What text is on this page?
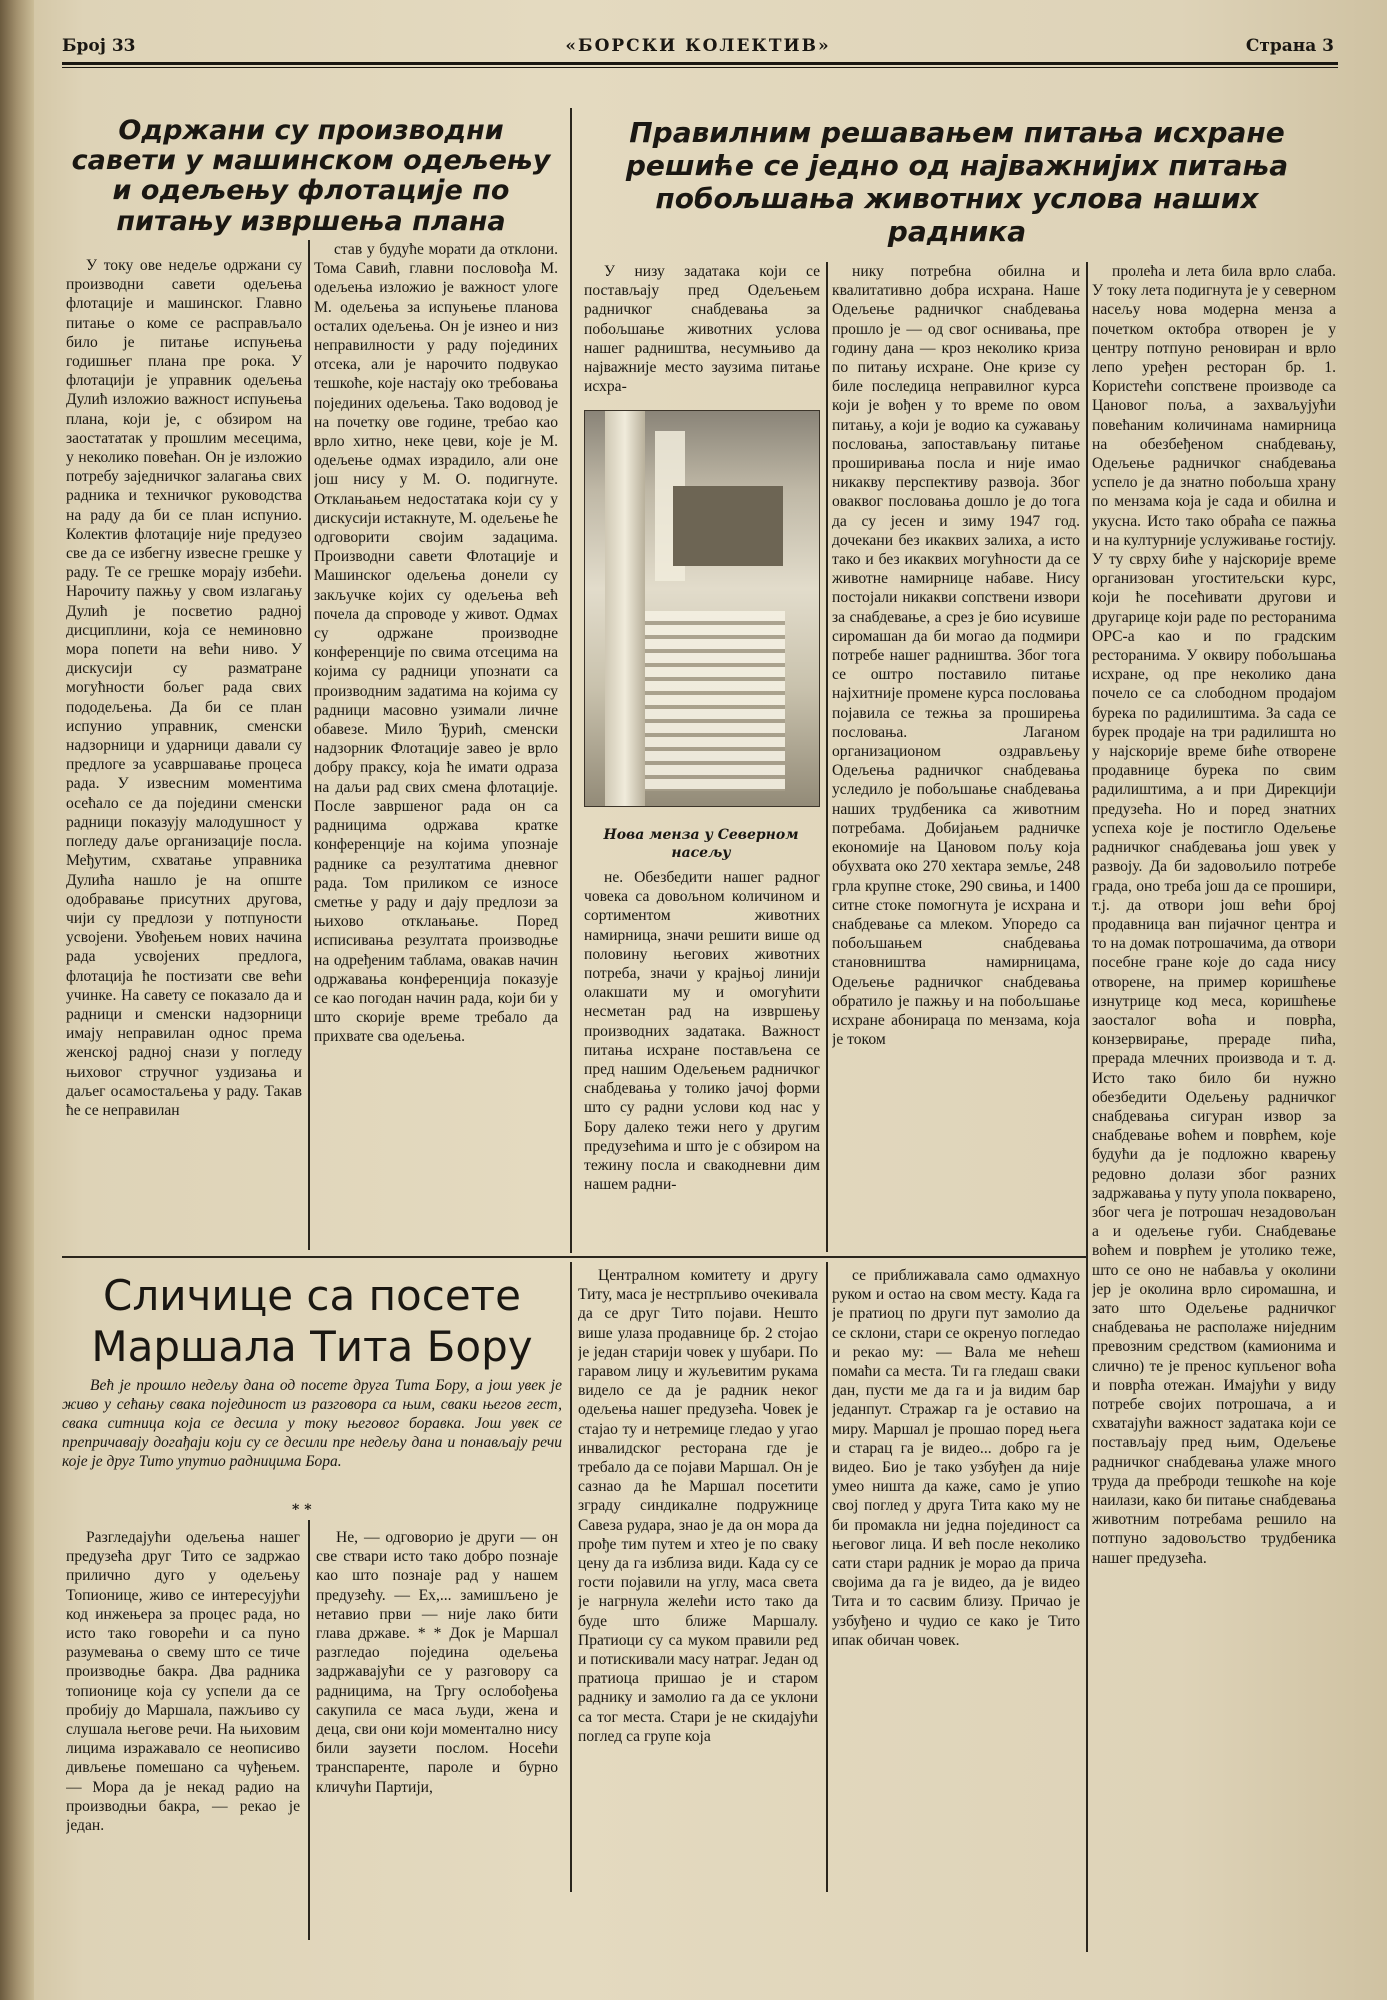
Број 33	«БОРСКИ КОЛЕКТИВ»	Страна 3
Одржани су производни савети у машинском одељењу и одељењу флотације по питању извршења плана

У току ове недеље одржани су производни савети одељења флотације и машинског. Главно питање о коме се расправљало било је питање испуњења годишњег плана пре рока. У флотацији је управник одељења Дулић изложио важност испуњења плана, који је, с обзиром на заостататак у прошлим месецима, у неколико повећан. Он је изложио потребу заједничког залагања свих радника и техничког руководства на раду да би се план испунио. Колектив флотације није предузео све да се избегну извесне грешке у раду. Те се грешке морају избећи. Нарочиту пажњу у свом излагању Дулић је посветио радној дисциплини, која се неминовно мора попети на већи ниво. У дискусији су разматране могућности бољег рада свих пододељења. Да би се план испунио управник, сменски надзорници и ударници давали су предлоге за усавршавање процеса рада. У извесним моментима осећало се да поједини сменски радници показују малодушност у погледу даље организације посла. Међутим, схватање управника Дулића нашло је на опште одобравање присутних другова, чији су предлози у потпуности усвојени. Увођењем нових начина рада усвојених предлога, флотација ће постизати све већи учинке. На савету се показало да и радници и сменски надзорници имају неправилан однос према женској радној снази у погледу њиховог стручног уздизања и даљег осамостаљења у раду. Такав ће се неправилан

став у будуће морати да отклони. Тома Савић, главни пословођа М. одељења изложио је важност улоге М. одељења за испуњење планова осталих одељења. Он је изнео и низ неправилности у раду појединих отсека, али је нарочито подвукао тешкоће, које настају око требовања појединих одељења. Тако водовод је на почетку ове године, требао као врло хитно, неке цеви, које је М. одељење одмах израдило, али оне још нису у М. О. подигнуте. Отклањањем недостатака који су у дискусији истакнуте, М. одељење ће одговорити својим задацима. Производни савети Флотације и Машинског одељења донели су закључке којих су одељења већ почела да спроводе у живот. Одмах су одржане производне конференције по свима отсецима на којима су радници упознати са производним задатима на којима су радници масовно узимали личне обавезе. Мило Ђурић, сменски надзорник Флотације завео је врло добру праксу, која ће имати одраза на даљи рад свих смена флотације. После завршеног рада он са радницима одржава кратке конференције на којима упознаје раднике са резултатима дневног рада. Том приликом се износе сметње у раду и дају предлози за њихово отклањање. Поред исписивања резултата производње на одређеним таблама, овакав начин одржавања конференција показује се као погодан начин рада, који би у што скорије време требало да прихвате сва одељења.

Правилним решавањем питања исхране решиће се једно од најважнијих питања побољшања животних услова наших радника

У низу задатака који се постављају пред Одељењем радничког снабдевања за побољшање животних услова нашег радништва, несумњиво да најважније место заузима питање исхра-

Нова менза у Северном насељу

не. Обезбедити нашег радног човека са довољном количином и сортиментом животних намирница, значи решити више од половину његових животних потреба, значи у крајњој линији олакшати му и омогућити несметан рад на извршењу производних задатака. Важност питања исхране постављена се пред нашим Одељењем радничког снабдевања у толико јачој форми што су радни услови код нас у Бору далеко тежи него у другим предузећима и што је с обзиром на тежину посла и свакодневни дим нашем радни-

нику потребна обилна и квалитативно добра исхрана. Наше Одељење радничког снабдевања прошло је — од свог оснивања, пре годину дана — кроз неколико криза по питању исхране. Оне кризе су биле последица неправилног курса који је вођен у то време по овом питању, а који је водио ка сужавању пословања, запостављању питање проширивања посла и није имао никакву перспективу развоја. Због оваквог пословања дошло је до тога да су јесен и зиму 1947 год. дочекани без икаквих залиха, а исто тако и без икаквих могућности да се животне намирнице набаве. Нису постојали никакви сопствени извори за снабдевање, а срез је био исувише сиромашан да би могао да подмири потребе нашег радништва. Због тога се оштро поставило питање најхитније промене курса пословања појавила се тежња за проширења пословања. Лаганом организационом оздрављењу Одељења радничког снабдевања уследило је побољшање снабдевања наших трудбеника са животним потребама. Добијањем радничке економије на Цановом пољу која обухвата око 270 хектара земље, 248 грла крупне стоке, 290 свиња, и 1400 ситне стоке помогнута је исхрана и снабдевање са млеком. Упоредо са побољшањем снабдевања становништва намирницама, Одељење радничког снабдевања обратило је пажњу и на побољшање исхране абонираца по мензама, која је током

пролећа и лета била врло слаба. У току лета подигнута је у северном насељу нова модерна менза а почетком октобра отворен је у центру потпуно реновиран и врло лепо уређен ресторан бр. 1. Користећи сопствене производе са Цановог поља, а захваљујући повећаним количинама намирница на обезбеђеном снабдевању, Одељење радничког снабдевања успело је да знатно побољша храну по мензама која је сада и обилна и укусна. Исто тако обраћа се пажња и на културније услуживање гостију. У ту сврху биће у најскорије време организован угоститељски курс, који ће посећивати другови и другарице који раде по ресторанима ОРС-а као и по градским ресторанима. У оквиру побољшања исхране, од пре неколико дана почело се са слободном продајом бурека по радилиштима. За сада се бурек продаје на три радилишта но у најскорије време биће отворене продавнице бурека по свим радилиштима, а и при Дирекцији предузећа. Но и поред знатних успеха које је постигло Одељење радничког снабдевања још увек у развоју. Да би задовољило потребе града, оно треба још да се прошири, т.ј. да отвори још већи број продавница ван пијачног центра и то на домак потрошачима, да отвори посебне гране које до сада нису отворене, на пример коришћење изнутрице код меса, коришћење заосталог воћа и поврћа, конзервирање, прераде пића, прерада млечних производа и т. д. Исто тако било би нужно обезбедити Одељењу радничког снабдевања сигуран извор за снабдевање воћем и поврћем, које будући да је подложно кварењу редовно долази због разних задржавања у путу упола покварено, због чега је потрошач незадовољан а и одељење губи. Снабдевање воћем и поврћем је утолико теже, што се оно не набавља у околини јер је околина врло сиромашна, и зато што Одељење радничког снабдевања не располаже ниједним превозним средством (камионима и слично) те је пренос купљеног воћа и поврћа отежан. Имајући у виду потребе својих потрошача, а и схватајући важност задатака који се постављају пред њим, Одељење радничког снабдевања улаже много труда да преброди тешкоће на које наилази, како би питање снабдевања животним потребама решило на потпуно задовољство трудбеника нашег предузећа.

Сличице са посете Маршала Тита Бору

Већ је прошло недељу дана од посете друга Тита Бору, а још увек је живо у сећању свака појединост из разговора са њим, сваки његов гест, свака ситница која се десила у току његовог боравка. Још увек се препричавају догађаји који су се десили пре недељу дана и понављају речи које је друг Тито упутио радницима Бора.

* *

Разгледајући одељења нашег предузећа друг Тито се задржао прилично дуго у одељењу Топионице, живо се интересујући код инжењера за процес рада, но исто тако говорећи и са пуно разумевања о свему што се тиче производње бакра. Два радника топионице која су успели да се пробију до Маршала, пажљиво су слушала његове речи. На њиховим лицима изражавало се неописиво дивљење помешано са чуђењем. — Мора да је некад радио на производњи бакра, — рекао је један.

Не, — одговорио је други — он све ствари исто тако добро познаје као што познаје рад у нашем предузећу. — Ех,... замишљено је нетавио први — није лако бити глава државе. * * Док је Маршал разгледао поједина одељења задржавајући се у разговору са радницима, на Тргу ослобођења сакупила се маса људи, жена и деца, сви они који моментално нису били заузети послом. Носећи транспаренте, пароле и бурно кличући Партији,

Централном комитету и другу Титу, маса је нестрпљиво очекивала да се друг Тито појави. Нешто више улаза продавнице бр. 2 стојао је један старији човек у шубари. По гаравом лицу и жуљевитим рукама видело се да је радник неког одељења нашег предузећа. Човек је стајао ту и нетремице гледао у угао инвалидског ресторана где је требало да се појави Маршал. Он је сазнао да ће Маршал посетити зграду синдикалне подружнице Савеза рударa, знао је да он мора да прође тим путем и хтео је по сваку цену да га изблиза види. Када су се гости појавили на углу, маса света је нагрнула желећи исто тако да буде што ближе Маршалу. Пратиоци су са муком правили ред и потискивали масу натраг. Један од пратиоца пришао је и старом раднику и замолио га да се уклони са тог места. Стари је не скидајући поглед са групе која

се приближавала само одмахнуо руком и остао на свом месту. Када га је пратиоц по други пут замолио да се склони, стари се окренуо погледао и рекао му: — Вала ме нећеш помаћи са места. Ти га гледаш сваки дан, пусти ме да га и ја видим бар једанпут. Стражар га је оставио на миру. Маршал је прошао поред њега и старац га је видео... добро га је видео. Био је тако узбуђен да није умео ништа да каже, само је упио свој поглед у друга Тита како му не би промакла ни једна појединост са његовог лица. И већ после неколико сати стари радник је морао да прича својима да га је видео, да је видео Тита и то сасвим близу. Причао је узбуђено и чудио се како је Тито ипак обичан човек.
